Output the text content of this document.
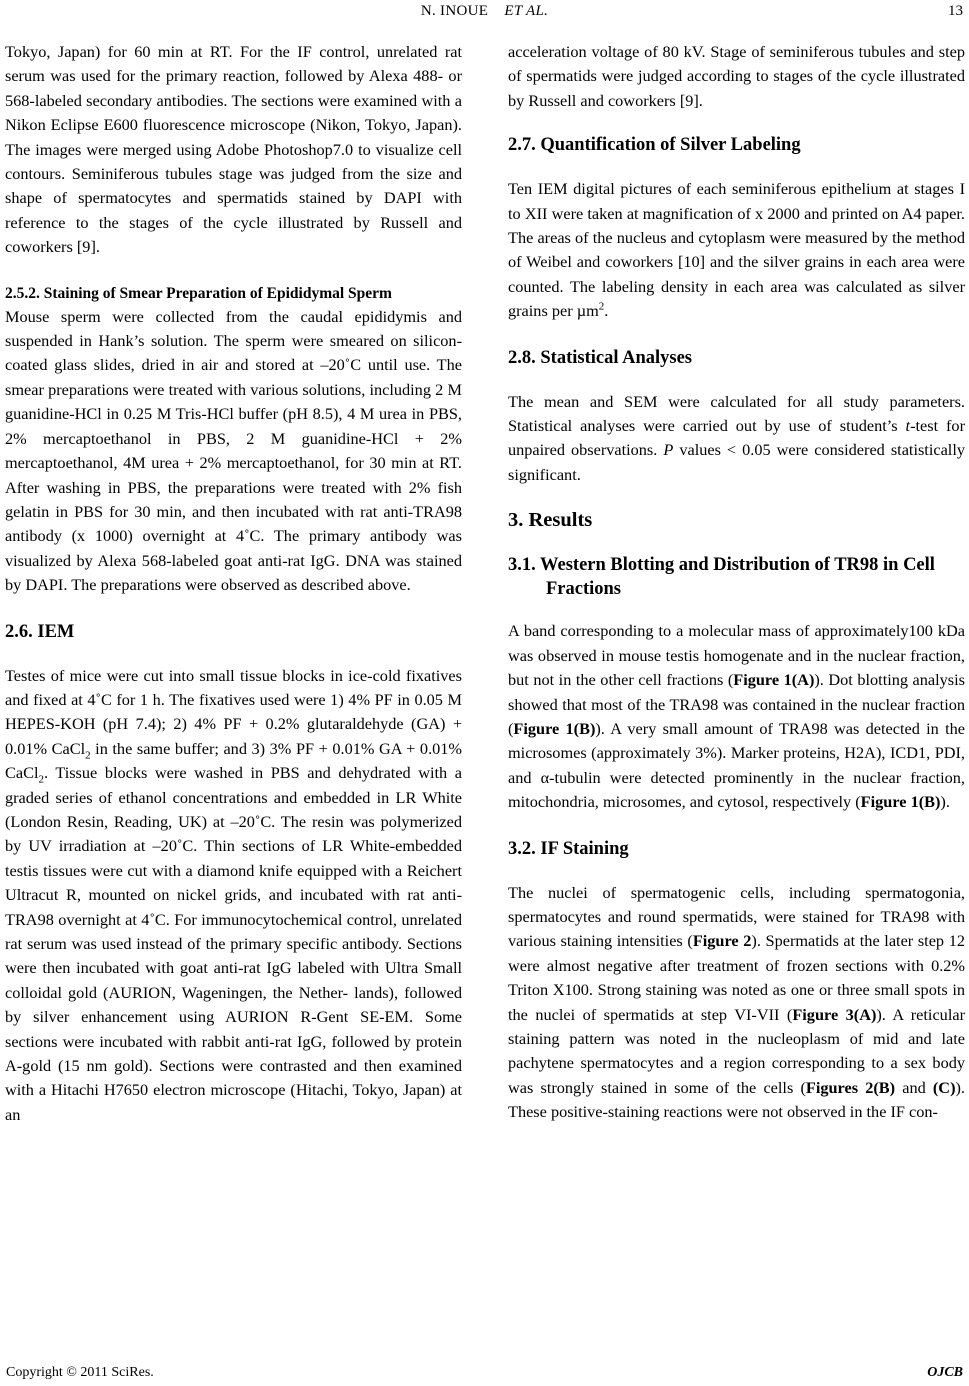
N. INOUE ET AL.	13

Tokyo, Japan) for 60 min at RT. For the IF control, unrelated rat serum was used for the primary reaction, followed by Alexa 488- or 568-labeled secondary antibodies. The sections were examined with a Nikon Eclipse E600 fluorescence microscope (Nikon, Tokyo, Japan). The images were merged using Adobe Photoshop7.0 to visualize cell contours. Seminiferous tubules stage was judged from the size and shape of spermatocytes and spermatids stained by DAPI with reference to the stages of the cycle illustrated by Russell and coworkers [9].

2.5.2. Staining of Smear Preparation of Epididymal Sperm

Mouse sperm were collected from the caudal epididymis and suspended in Hank’s solution. The sperm were smeared on silicon-coated glass slides, dried in air and stored at –20˚C until use. The smear preparations were treated with various solutions, including 2 M guanidine-HCl in 0.25 M Tris-HCl buffer (pH 8.5), 4 M urea in PBS, 2% mercaptoethanol in PBS, 2 M guanidine-HCl + 2% mercaptoethanol, 4M urea + 2% mercaptoethanol, for 30 min at RT. After washing in PBS, the preparations were treated with 2% fish gelatin in PBS for 30 min, and then incubated with rat anti-TRA98 antibody (x 1000) overnight at 4˚C. The primary antibody was visualized by Alexa 568-labeled goat anti-rat IgG. DNA was stained by DAPI. The preparations were observed as described above.

2.6. IEM

Testes of mice were cut into small tissue blocks in ice-cold fixatives and fixed at 4˚C for 1 h. The fixatives used were 1) 4% PF in 0.05 M HEPES-KOH (pH 7.4); 2) 4% PF + 0.2% glutaraldehyde (GA) + 0.01% CaCl$_2$ in the same buffer; and 3) 3% PF + 0.01% GA + 0.01% CaCl$_2$. Tissue blocks were washed in PBS and dehydrated with a graded series of ethanol concentrations and embedded in LR White (London Resin, Reading, UK) at –20˚C. The resin was polymerized by UV irradiation at –20˚C. Thin sections of LR White-embedded testis tissues were cut with a diamond knife equipped with a Reichert Ultracut R, mounted on nickel grids, and incubated with rat anti-TRA98 overnight at 4˚C. For immunocytochemical control, unrelated rat serum was used instead of the primary specific antibody. Sections were then incubated with goat anti-rat IgG labeled with Ultra Small colloidal gold (AURION, Wageningen, the Nether- lands), followed by silver enhancement using AURION R-Gent SE-EM. Some sections were incubated with rabbit anti-rat IgG, followed by protein A-gold (15 nm gold). Sections were contrasted and then examined with a Hitachi H7650 electron microscope (Hitachi, Tokyo, Japan) at an

acceleration voltage of 80 kV. Stage of seminiferous tubules and step of spermatids were judged according to stages of the cycle illustrated by Russell and coworkers [9].

2.7. Quantification of Silver Labeling

Ten IEM digital pictures of each seminiferous epithelium at stages I to XII were taken at magnification of x 2000 and printed on A4 paper. The areas of the nucleus and cytoplasm were measured by the method of Weibel and coworkers [10] and the silver grains in each area were counted. The labeling density in each area was calculated as silver grains per µm$^2$.

2.8. Statistical Analyses

The mean and SEM were calculated for all study parameters. Statistical analyses were carried out by use of student’s t-test for unpaired observations. P values < 0.05 were considered statistically significant.

3. Results
3.1. Western Blotting and Distribution of TR98 in Cell Fractions

A band corresponding to a molecular mass of approximately100 kDa was observed in mouse testis homogenate and in the nuclear fraction, but not in the other cell fractions (Figure 1(A)). Dot blotting analysis showed that most of the TRA98 was contained in the nuclear fraction (Figure 1(B)). A very small amount of TRA98 was detected in the microsomes (approximately 3%). Marker proteins, H2A), ICD1, PDI, and α-tubulin were detected prominently in the nuclear fraction, mitochondria, microsomes, and cytosol, respectively (Figure 1(B)).

3.2. IF Staining

The nuclei of spermatogenic cells, including spermatogonia, spermatocytes and round spermatids, were stained for TRA98 with various staining intensities (Figure 2). Spermatids at the later step 12 were almost negative after treatment of frozen sections with 0.2% Triton X100. Strong staining was noted as one or three small spots in the nuclei of spermatids at step VI-VII (Figure 3(A)). A reticular staining pattern was noted in the nucleoplasm of mid and late pachytene spermatocytes and a region corresponding to a sex body was strongly stained in some of the cells (Figures 2(B) and (C)). These positive-staining reactions were not observed in the IF con-

Copyright © 2011 SciRes.	OJCB
